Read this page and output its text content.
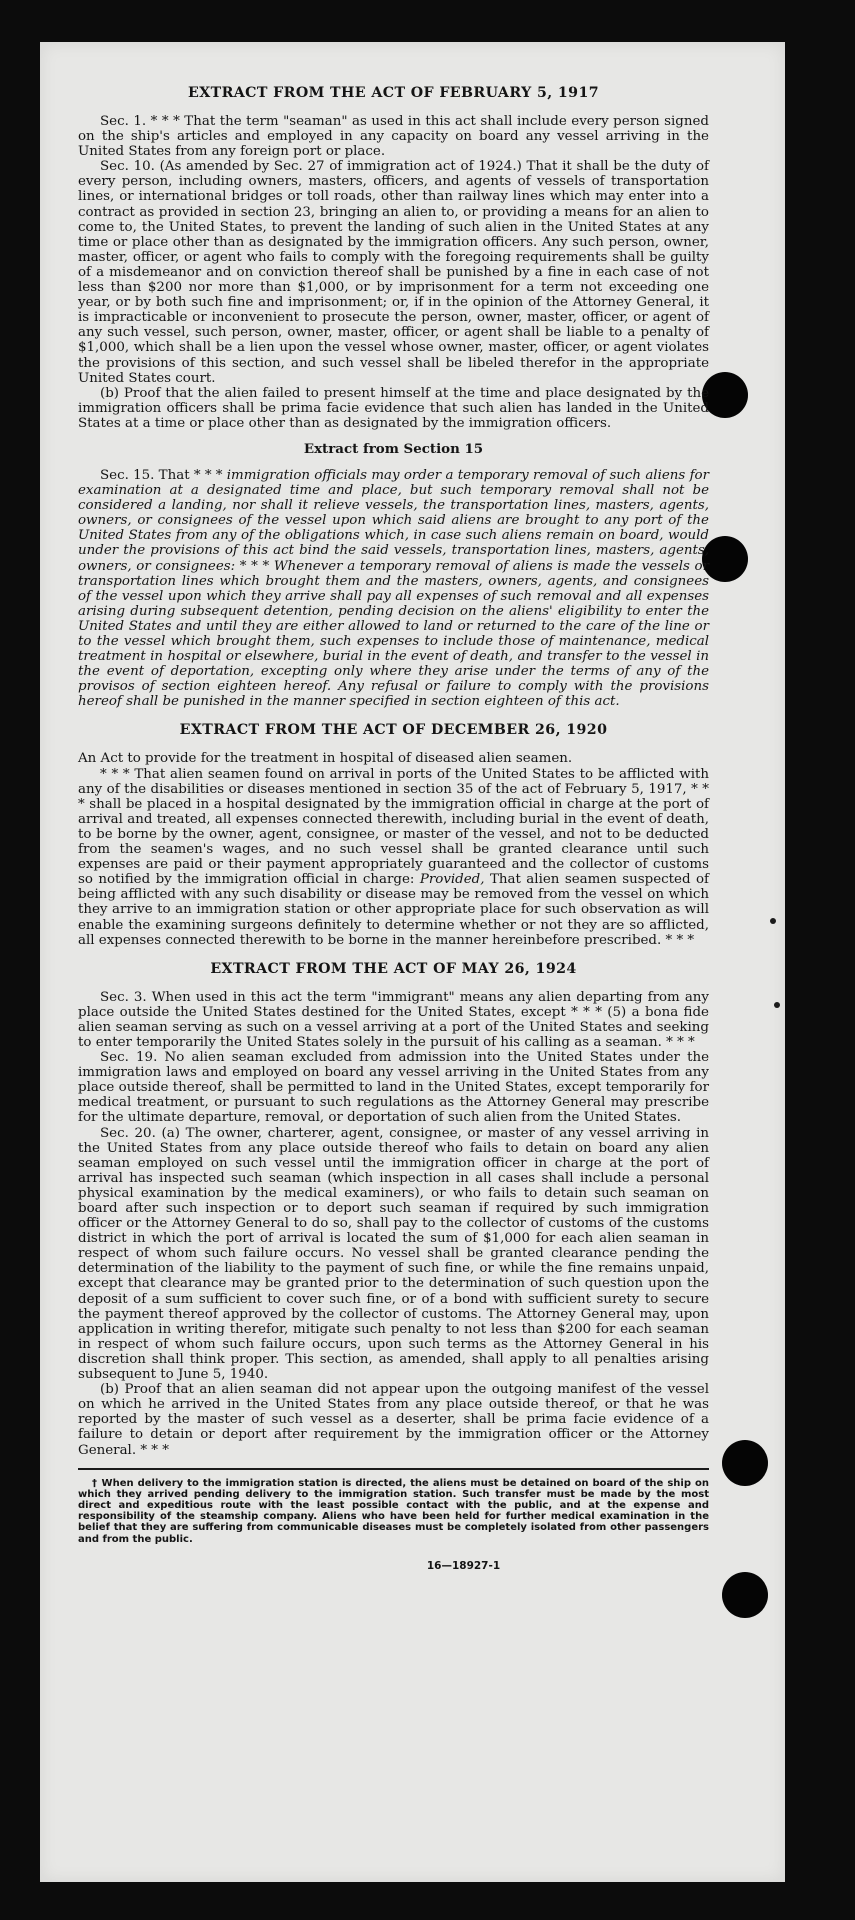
EXTRACT FROM THE ACT OF FEBRUARY 5, 1917

Sec. 1. * * * That the term "seaman" as used in this act shall include every person signed on the ship's articles and employed in any capacity on board any vessel arriving in the United States from any foreign port or place.

Sec. 10. (As amended by Sec. 27 of immigration act of 1924.) That it shall be the duty of every person, including owners, masters, officers, and agents of vessels of transportation lines, or international bridges or toll roads, other than railway lines which may enter into a contract as provided in section 23, bringing an alien to, or providing a means for an alien to come to, the United States, to prevent the landing of such alien in the United States at any time or place other than as designated by the immigration officers. Any such person, owner, master, officer, or agent who fails to comply with the foregoing requirements shall be guilty of a misdemeanor and on conviction thereof shall be punished by a fine in each case of not less than $200 nor more than $1,000, or by imprisonment for a term not exceeding one year, or by both such fine and imprisonment; or, if in the opinion of the Attorney General, it is impracticable or inconvenient to prosecute the person, owner, master, officer, or agent of any such vessel, such person, owner, master, officer, or agent shall be liable to a penalty of $1,000, which shall be a lien upon the vessel whose owner, master, officer, or agent violates the provisions of this section, and such vessel shall be libeled therefor in the appropriate United States court.

(b) Proof that the alien failed to present himself at the time and place designated by the immigration officers shall be prima facie evidence that such alien has landed in the United States at a time or place other than as designated by the immigration officers.

Extract from Section 15

Sec. 15. That * * * immigration officials may order a temporary removal of such aliens for examination at a designated time and place, but such temporary removal shall not be considered a landing, nor shall it relieve vessels, the transportation lines, masters, agents, owners, or consignees of the vessel upon which said aliens are brought to any port of the United States from any of the obligations which, in case such aliens remain on board, would under the provisions of this act bind the said vessels, transportation lines, masters, agents, owners, or consignees: * * * Whenever a temporary removal of aliens is made the vessels or transportation lines which brought them and the masters, owners, agents, and consignees of the vessel upon which they arrive shall pay all expenses of such removal and all expenses arising during subsequent detention, pending decision on the aliens' eligibility to enter the United States and until they are either allowed to land or returned to the care of the line or to the vessel which brought them, such expenses to include those of maintenance, medical treatment in hospital or elsewhere, burial in the event of death, and transfer to the vessel in the event of deportation, excepting only where they arise under the terms of any of the provisos of section eighteen hereof. Any refusal or failure to comply with the provisions hereof shall be punished in the manner specified in section eighteen of this act.

EXTRACT FROM THE ACT OF DECEMBER 26, 1920

An Act to provide for the treatment in hospital of diseased alien seamen.

* * * That alien seamen found on arrival in ports of the United States to be afflicted with any of the disabilities or diseases mentioned in section 35 of the act of February 5, 1917, * * * shall be placed in a hospital designated by the immigration official in charge at the port of arrival and treated, all expenses connected therewith, including burial in the event of death, to be borne by the owner, agent, consignee, or master of the vessel, and not to be deducted from the seamen's wages, and no such vessel shall be granted clearance until such expenses are paid or their payment appropriately guaranteed and the collector of customs so notified by the immigration official in charge: Provided, That alien seamen suspected of being afflicted with any such disability or disease may be removed from the vessel on which they arrive to an immigration station or other appropriate place for such observation as will enable the examining surgeons definitely to determine whether or not they are so afflicted, all expenses connected therewith to be borne in the manner hereinbefore prescribed. * * *

EXTRACT FROM THE ACT OF MAY 26, 1924

Sec. 3. When used in this act the term "immigrant" means any alien departing from any place outside the United States destined for the United States, except * * * (5) a bona fide alien seaman serving as such on a vessel arriving at a port of the United States and seeking to enter temporarily the United States solely in the pursuit of his calling as a seaman. * * *

Sec. 19. No alien seaman excluded from admission into the United States under the immigration laws and employed on board any vessel arriving in the United States from any place outside thereof, shall be permitted to land in the United States, except temporarily for medical treatment, or pursuant to such regulations as the Attorney General may prescribe for the ultimate departure, removal, or deportation of such alien from the United States.

Sec. 20. (a) The owner, charterer, agent, consignee, or master of any vessel arriving in the United States from any place outside thereof who fails to detain on board any alien seaman employed on such vessel until the immigration officer in charge at the port of arrival has inspected such seaman (which inspection in all cases shall include a personal physical examination by the medical examiners), or who fails to detain such seaman on board after such inspection or to deport such seaman if required by such immigration officer or the Attorney General to do so, shall pay to the collector of customs of the customs district in which the port of arrival is located the sum of $1,000 for each alien seaman in respect of whom such failure occurs. No vessel shall be granted clearance pending the determination of the liability to the payment of such fine, or while the fine remains unpaid, except that clearance may be granted prior to the determination of such question upon the deposit of a sum sufficient to cover such fine, or of a bond with sufficient surety to secure the payment thereof approved by the collector of customs. The Attorney General may, upon application in writing therefor, mitigate such penalty to not less than $200 for each seaman in respect of whom such failure occurs, upon such terms as the Attorney General in his discretion shall think proper. This section, as amended, shall apply to all penalties arising subsequent to June 5, 1940.

(b) Proof that an alien seaman did not appear upon the outgoing manifest of the vessel on which he arrived in the United States from any place outside thereof, or that he was reported by the master of such vessel as a deserter, shall be prima facie evidence of a failure to detain or deport after requirement by the immigration officer or the Attorney General. * * *

† When delivery to the immigration station is directed, the aliens must be detained on board of the ship on which they arrived pending delivery to the immigration station. Such transfer must be made by the most direct and expeditious route with the least possible contact with the public, and at the expense and responsibility of the steamship company. Aliens who have been held for further medical examination in the belief that they are suffering from communicable diseases must be completely isolated from other passengers and from the public.

16—18927-1
